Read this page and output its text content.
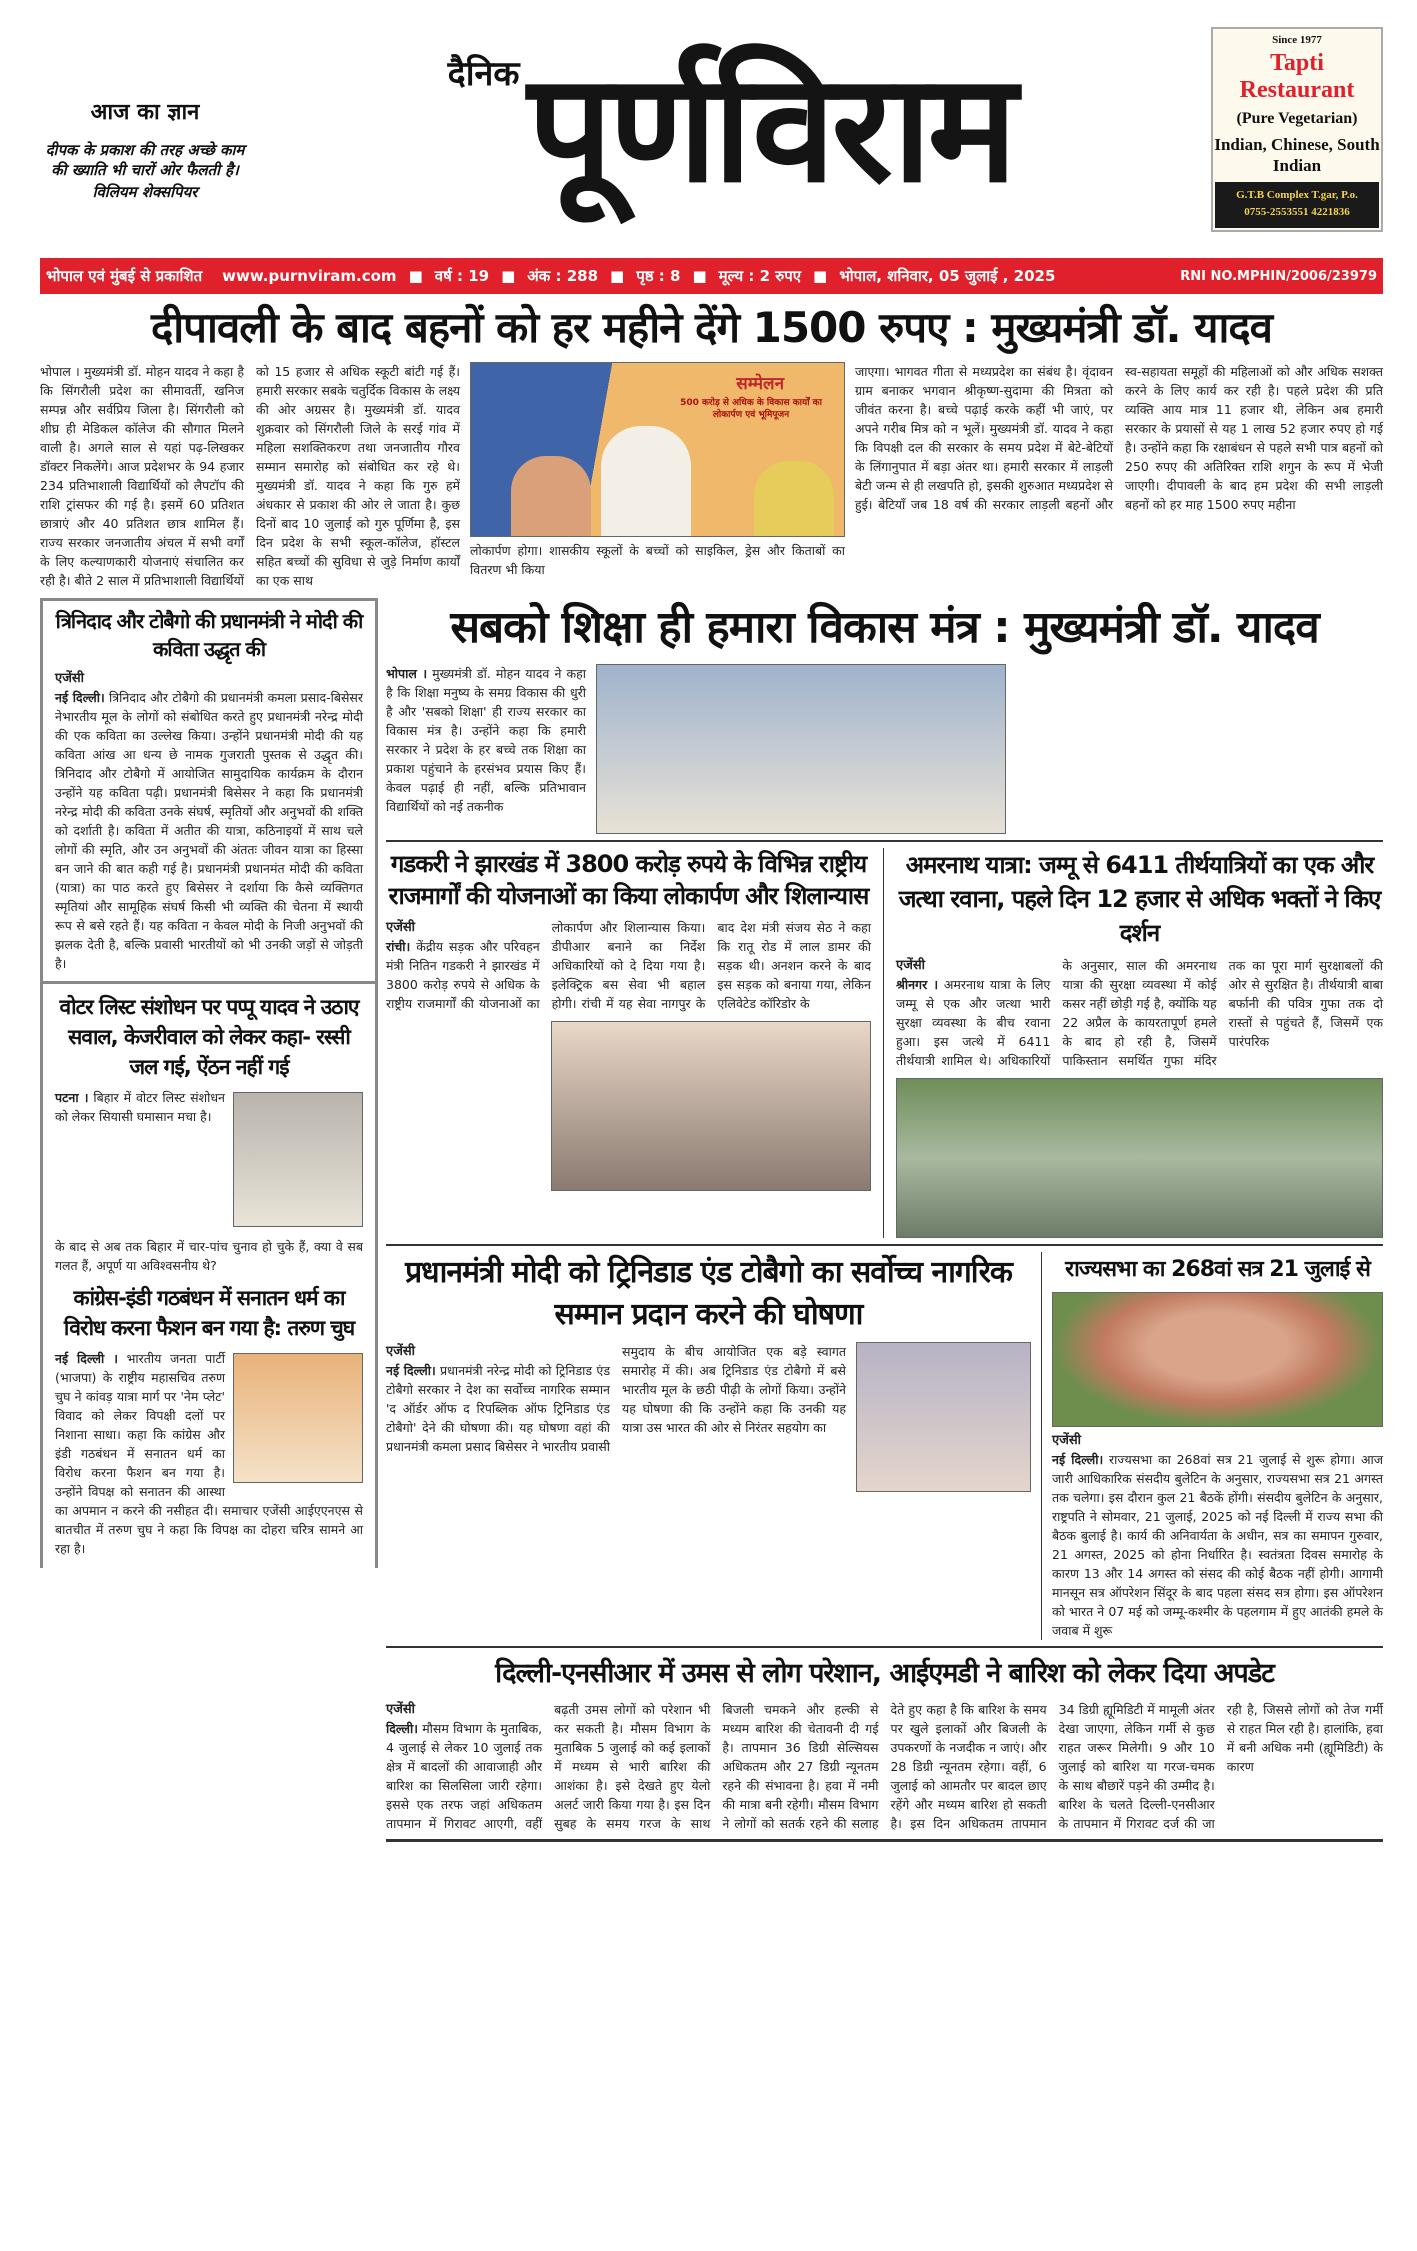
आज का ज्ञान
दीपक के प्रकाश की तरह अच्छे काम की ख्याति भी चारों ओर फैलती है।
विलियम शेक्सपियर
दैनिक पूर्णविराम
Since 1977
Tapti Restaurant
(Pure Vegetarian)
Indian, Chinese, South Indian
G.T.B Complex T.gar, P.o.
0755-2553551 4221836
भोपाल एवं मुंबई से प्रकाशित www.purnviram.com ■ वर्ष : 19 ■ अंक : 288 ■ पृष्ठ : 8 ■ मूल्य : 2 रुपए ■ भोपाल, शनिवार, 05 जुलाई , 2025	RNI NO.MPHIN/2006/23979
दीपावली के बाद बहनों को हर महीने देंगे 1500 रुपए : मुख्यमंत्री डॉ. यादव
भोपाल । मुख्यमंत्री डॉ. मोहन यादव ने कहा है कि सिंगरौली प्रदेश का सीमावर्ती, खनिज सम्पन्न और सर्वप्रिय जिला है। सिंगरौली को शीघ्र ही मेडिकल कॉलेज की सौगात मिलने वाली है। अगले साल से यहां पढ़-लिखकर डॉक्टर निकलेंगे। आज प्रदेशभर के 94 हजार 234 प्रतिभाशाली विद्यार्थियों को लैपटॉप की राशि ट्रांसफर की गई है। इसमें 60 प्रतिशत छात्राएं और 40 प्रतिशत छात्र शामिल हैं। राज्य सरकार जनजातीय अंचल में सभी वर्गों के लिए कल्याणकारी योजनाएं संचालित कर रही है। बीते 2 साल में प्रतिभाशाली विद्यार्थियों को 15 हजार से अधिक स्कूटी बांटी गई हैं। हमारी सरकार सबके चतुर्दिक विकास के लक्ष्य की ओर अग्रसर है। मुख्यमंत्री डॉ. यादव शुक्रवार को सिंगरौली जिले के सरई गांव में महिला सशक्तिकरण तथा जनजातीय गौरव सम्मान समारोह को संबोधित कर रहे थे। मुख्यमंत्री डॉ. यादव ने कहा कि गुरु हमें अंधकार से प्रकाश की ओर ले जाता है। कुछ दिनों बाद 10 जुलाई को गुरु पूर्णिमा है, इस दिन प्रदेश के सभी स्कूल-कॉलेज, हॉस्टल सहित बच्चों की सुविधा से जुड़े निर्माण कार्यों का एक साथ
सम्मेलन
500 करोड़ से अधिक के विकास कार्यों का लोकार्पण एवं भूमिपूजन
लोकार्पण होगा। शासकीय स्कूलों के बच्चों को साइकिल, ड्रेस और किताबों का वितरण भी किया
जाएगा। भागवत गीता से मध्यप्रदेश का संबंध है। वृंदावन ग्राम बनाकर भगवान श्रीकृष्ण-सुदामा की मित्रता को जीवंत करना है। बच्चे पढ़ाई करके कहीं भी जाएं, पर अपने गरीब मित्र को न भूलें। मुख्यमंत्री डॉ. यादव ने कहा कि विपक्षी दल की सरकार के समय प्रदेश में बेटे-बेटियों के लिंगानुपात में बड़ा अंतर था। हमारी सरकार में लाड़ली बेटी जन्म से ही लखपति हो, इसकी शुरुआत मध्यप्रदेश से हुई। बेटियाँ जब 18 वर्ष की सरकार लाड़ली बहनों और स्व-सहायता समूहों की महिलाओं को और अधिक सशक्त करने के लिए कार्य कर रही है। पहले प्रदेश की प्रति व्यक्ति आय मात्र 11 हजार थी, लेकिन अब हमारी सरकार के प्रयासों से यह 1 लाख 52 हजार रुपए हो गई है। उन्होंने कहा कि रक्षाबंधन से पहले सभी पात्र बहनों को 250 रुपए की अतिरिक्त राशि शगुन के रूप में भेजी जाएगी। दीपावली के बाद हम प्रदेश की सभी लाड़ली बहनों को हर माह 1500 रुपए महीना
त्रिनिदाद और टोबैगो की प्रधानमंत्री ने मोदी की कविता उद्धृत की
एजेंसी
नई दिल्ली। त्रिनिदाद और टोबैगो की प्रधानमंत्री कमला प्रसाद-बिसेसर नेभारतीय मूल के लोगों को संबोधित करते हुए प्रधानमंत्री नरेन्द्र मोदी की एक कविता का उल्लेख किया। उन्होंने प्रधानमंत्री मोदी की यह कविता आंख आ धन्य छे नामक गुजराती पुस्तक से उद्धृत की। त्रिनिदाद और टोबैगो में आयोजित सामुदायिक कार्यक्रम के दौरान उन्होंने यह कविता पढ़ी। प्रधानमंत्री बिसेसर ने कहा कि प्रधानमंत्री नरेन्द्र मोदी की कविता उनके संघर्ष, स्मृतियों और अनुभवों की शक्ति को दर्शाती है। कविता में अतीत की यात्रा, कठिनाइयों में साथ चले लोगों की स्मृति, और उन अनुभवों की अंततः जीवन यात्रा का हिस्सा बन जाने की बात कही गई है। प्रधानमंत्री प्रधानमंत मोदी की कविता (यात्रा) का पाठ करते हुए बिसेसर ने दर्शाया कि कैसे व्यक्तिगत स्मृतियां और सामूहिक संघर्ष किसी भी व्यक्ति की चेतना में स्थायी रूप से बसे रहते हैं। यह कविता न केवल मोदी के निजी अनुभवों की झलक देती है, बल्कि प्रवासी भारतीयों को भी उनकी जड़ों से जोड़ती है।
वोटर लिस्ट संशोधन पर पप्पू यादव ने उठाए सवाल, केजरीवाल को लेकर कहा- रस्सी जल गई, ऐंठन नहीं गई
पटना । बिहार में वोटर लिस्ट संशोधन को लेकर सियासी घमासान मचा है।
के बाद से अब तक बिहार में चार-पांच चुनाव हो चुके हैं, क्या वे सब गलत हैं, अपूर्ण या अविश्वसनीय थे?
कांग्रेस-इंडी गठबंधन में सनातन धर्म का विरोध करना फैशन बन गया है: तरुण चुघ
नई दिल्ली । भारतीय जनता पार्टी (भाजपा) के राष्ट्रीय महासचिव तरुण चुघ ने कांवड़ यात्रा मार्ग पर 'नेम प्लेट' विवाद को लेकर विपक्षी दलों पर निशाना साधा। कहा कि कांग्रेस और इंडी गठबंधन में सनातन धर्म का विरोध करना फैशन बन गया है। उन्होंने विपक्ष को सनातन की आस्था का अपमान न करने की नसीहत दी। समाचार एजेंसी आईएएनएस से बातचीत में तरुण चुघ ने कहा कि विपक्ष का दोहरा चरित्र सामने आ रहा है।
सबको शिक्षा ही हमारा विकास मंत्र : मुख्यमंत्री डॉ. यादव
भोपाल । मुख्यमंत्री डॉ. मोहन यादव ने कहा है कि शिक्षा मनुष्य के समग्र विकास की धुरी है और 'सबको शिक्षा' ही राज्य सरकार का विकास मंत्र है। उन्होंने कहा कि हमारी सरकार ने प्रदेश के हर बच्चे तक शिक्षा का प्रकाश पहुंचाने के हरसंभव प्रयास किए हैं। केवल पढ़ाई ही नहीं, बल्कि प्रतिभावान विद्यार्थियों को नई तकनीक
गडकरी ने झारखंड में 3800 करोड़ रुपये के विभिन्न राष्ट्रीय राजमार्गों की योजनाओं का किया लोकार्पण और शिलान्यास
एजेंसी
रांची। केंद्रीय सड़क और परिवहन मंत्री नितिन गडकरी ने झारखंड में 3800 करोड़ रुपये से अधिक के राष्ट्रीय राजमार्गों की योजनाओं का लोकार्पण और शिलान्यास किया। डीपीआर बनाने का निर्देश अधिकारियों को दे दिया गया है। इलेक्ट्रिक बस सेवा भी बहाल होगी। रांची में यह सेवा नागपुर के बाद देश मंत्री संजय सेठ ने कहा कि रातू रोड में लाल डामर की सड़क थी। अनशन करने के बाद इस सड़क को बनाया गया, लेकिन एलिवेटेड कॉरिडोर के
अमरनाथ यात्रा: जम्मू से 6411 तीर्थयात्रियों का एक और जत्था रवाना, पहले दिन 12 हजार से अधिक भक्तों ने किए दर्शन
एजेंसी
श्रीनगर । अमरनाथ यात्रा के लिए जम्मू से एक और जत्था भारी सुरक्षा व्यवस्था के बीच रवाना हुआ। इस जत्थे में 6411 तीर्थयात्री शामिल थे। अधिकारियों के अनुसार, साल की अमरनाथ यात्रा की सुरक्षा व्यवस्था में कोई कसर नहीं छोड़ी गई है, क्योंकि यह 22 अप्रैल के कायरतापूर्ण हमले के बाद हो रही है, जिसमें पाकिस्तान समर्थित गुफा मंदिर तक का पूरा मार्ग सुरक्षाबलों की ओर से सुरक्षित है। तीर्थयात्री बाबा बर्फानी की पवित्र गुफा तक दो रास्तों से पहुंचते हैं, जिसमें एक पारंपरिक
प्रधानमंत्री मोदी को ट्रिनिडाड एंड टोबैगो का सर्वोच्च नागरिक सम्मान प्रदान करने की घोषणा
एजेंसी
नई दिल्ली। प्रधानमंत्री नरेन्द्र मोदी को ट्रिनिडाड एंड टोबैगो सरकार ने देश का सर्वोच्च नागरिक सम्मान 'द ऑर्डर ऑफ द रिपब्लिक ऑफ ट्रिनिडाड एंड टोबैगो' देने की घोषणा की। यह घोषणा वहां की प्रधानमंत्री कमला प्रसाद बिसेसर ने भारतीय प्रवासी समुदाय के बीच आयोजित एक बड़े स्वागत समारोह में की। अब ट्रिनिडाड एंड टोबैगो में बसे भारतीय मूल के छठी पीढ़ी के लोगों किया। उन्होंने यह घोषणा की कि उन्होंने कहा कि उनकी यह यात्रा उस भारत की ओर से निरंतर सहयोग का
राज्यसभा का 268वां सत्र 21 जुलाई से
एजेंसी
नई दिल्ली। राज्यसभा का 268वां सत्र 21 जुलाई से शुरू होगा। आज जारी आधिकारिक संसदीय बुलेटिन के अनुसार, राज्यसभा सत्र 21 अगस्त तक चलेगा। इस दौरान कुल 21 बैठकें होंगी। संसदीय बुलेटिन के अनुसार, राष्ट्रपति ने सोमवार, 21 जुलाई, 2025 को नई दिल्ली में राज्य सभा की बैठक बुलाई है। कार्य की अनिवार्यता के अधीन, सत्र का समापन गुरुवार, 21 अगस्त, 2025 को होना निर्धारित है। स्वतंत्रता दिवस समारोह के कारण 13 और 14 अगस्त को संसद की कोई बैठक नहीं होगी। आगामी मानसून सत्र ऑपरेशन सिंदूर के बाद पहला संसद सत्र होगा। इस ऑपरेशन को भारत ने 07 मई को जम्मू-कश्मीर के पहलगाम में हुए आतंकी हमले के जवाब में शुरू
दिल्ली-एनसीआर में उमस से लोग परेशान, आईएमडी ने बारिश को लेकर दिया अपडेट
एजेंसी
दिल्ली। मौसम विभाग के मुताबिक, 4 जुलाई से लेकर 10 जुलाई तक क्षेत्र में बादलों की आवाजाही और बारिश का सिलसिला जारी रहेगा। इससे एक तरफ जहां अधिकतम तापमान में गिरावट आएगी, वहीं बढ़ती उमस लोगों को परेशान भी कर सकती है। मौसम विभाग के मुताबिक 5 जुलाई को कई इलाकों में मध्यम से भारी बारिश की आशंका है। इसे देखते हुए येलो अलर्ट जारी किया गया है। इस दिन सुबह के समय गरज के साथ बिजली चमकने और हल्की से मध्यम बारिश की चेतावनी दी गई है। तापमान 36 डिग्री सेल्सियस अधिकतम और 27 डिग्री न्यूनतम रहने की संभावना है। हवा में नमी की मात्रा बनी रहेगी। मौसम विभाग ने लोगों को सतर्क रहने की सलाह देते हुए कहा है कि बारिश के समय पर खुले इलाकों और बिजली के उपकरणों के नजदीक न जाएं। और 28 डिग्री न्यूनतम रहेगा। वहीं, 6 जुलाई को आमतौर पर बादल छाए रहेंगे और मध्यम बारिश हो सकती है। इस दिन अधिकतम तापमान 34 डिग्री ह्यूमिडिटी में मामूली अंतर देखा जाएगा, लेकिन गर्मी से कुछ राहत जरूर मिलेगी। 9 और 10 जुलाई को बारिश या गरज-चमक के साथ बौछारें पड़ने की उम्मीद है। बारिश के चलते दिल्ली-एनसीआर के तापमान में गिरावट दर्ज की जा रही है, जिससे लोगों को तेज गर्मी से राहत मिल रही है। हालांकि, हवा में बनी अधिक नमी (ह्यूमिडिटी) के कारण
